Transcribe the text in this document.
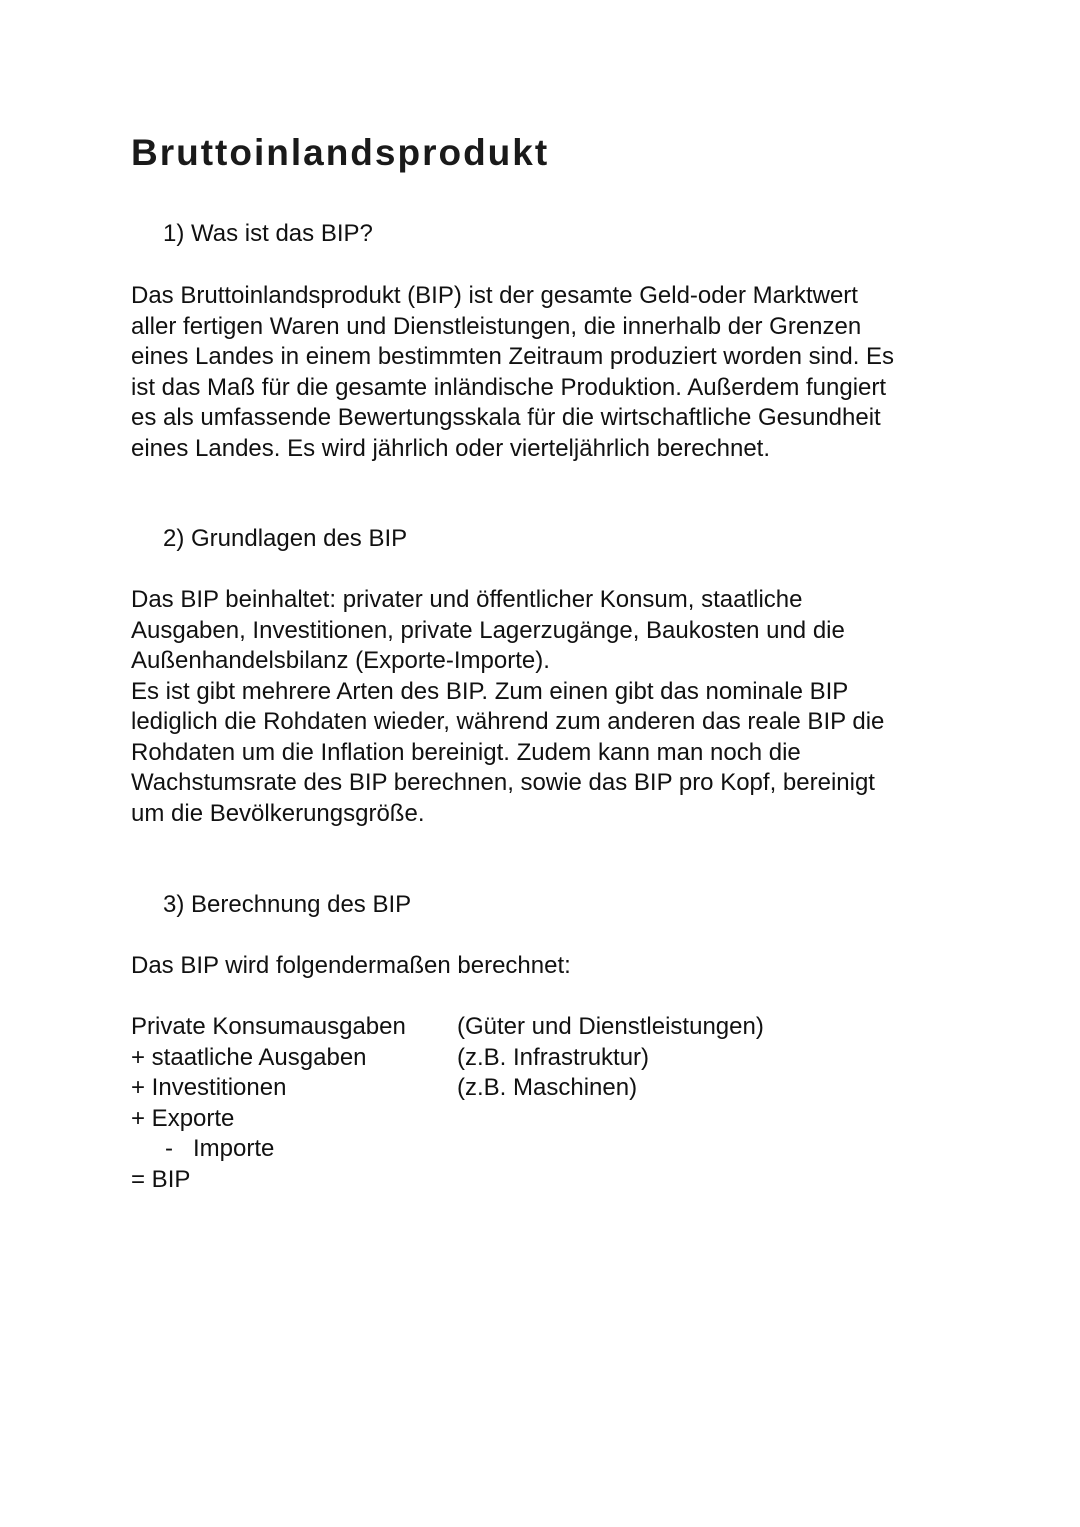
Bruttoinlandsprodukt
1) Was ist das BIP?
Das Bruttoinlandsprodukt (BIP) ist der gesamte Geld-oder Marktwert
aller fertigen Waren und Dienstleistungen, die innerhalb der Grenzen
eines Landes in einem bestimmten Zeitraum produziert worden sind. Es
ist das Maß für die gesamte inländische Produktion. Außerdem fungiert
es als umfassende Bewertungsskala für die wirtschaftliche Gesundheit
eines Landes. Es wird jährlich oder vierteljährlich berechnet.
2) Grundlagen des BIP
Das BIP beinhaltet: privater und öffentlicher Konsum, staatliche
Ausgaben, Investitionen, private Lagerzugänge, Baukosten und die
Außenhandelsbilanz (Exporte-Importe).
Es ist gibt mehrere Arten des BIP. Zum einen gibt das nominale BIP
lediglich die Rohdaten wieder, während zum anderen das reale BIP die
Rohdaten um die Inflation bereinigt. Zudem kann man noch die
Wachstumsrate des BIP berechnen, sowie das BIP pro Kopf, bereinigt
um die Bevölkerungsgröße.
3) Berechnung des BIP
Das BIP wird folgendermaßen berechnet:
Private Konsumausgaben (Güter und Dienstleistungen)
+ staatliche Ausgaben	(z.B. Infrastruktur)
+ Investitionen	(z.B. Maschinen)
+ Exporte
-   Importe
= BIP
